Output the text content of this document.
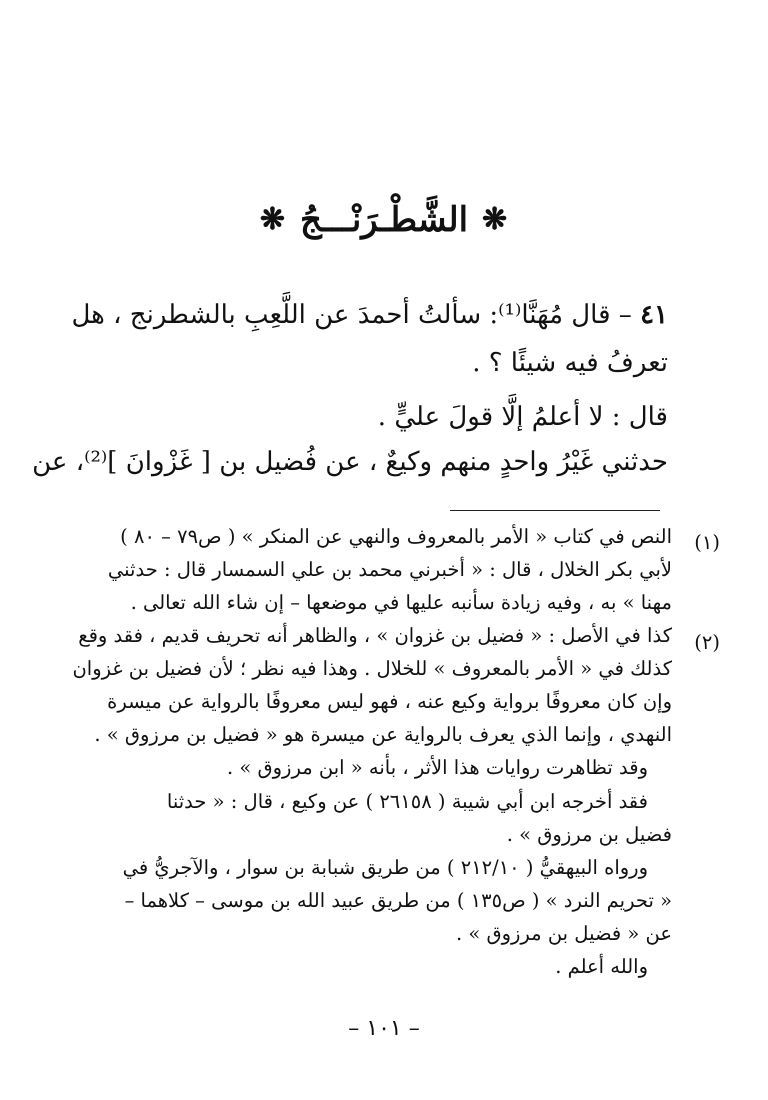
❋
الشَّطْـرَنْـــجُ
❋
٤١ – قال مُهَنَّا⁽¹⁾: سألتُ أحمدَ عن اللَّعِبِ بالشطرنج ، هل
تعرفُ فيه شيئًا ؟ .
قال : لا أعلمُ إلَّا قولَ عليٍّ .
حدثني غَيْرُ واحدٍ منهم وكيعٌ ، عن فُضيل بن [ غَزْوانَ ]⁽²⁾، عن
(١)
النص في كتاب « الأمر بالمعروف والنهي عن المنكر » ( ص٧٩ – ٨٠ )
لأبي بكر الخلال ، قال : « أخبرني محمد بن علي السمسار قال : حدثني
مهنا » به ، وفيه زيادة سأنبه عليها في موضعها – إن شاء الله تعالى .
(٢)
كذا في الأصل : « فضيل بن غزوان » ، والظاهر أنه تحريف قديم ، فقد وقع
كذلك في « الأمر بالمعروف » للخلال . وهذا فيه نظر ؛ لأن فضيل بن غزوان
وإن كان معروفًا برواية وكيع عنه ، فهو ليس معروفًا بالرواية عن ميسرة
النهدي ، وإنما الذي يعرف بالرواية عن ميسرة هو « فضيل بن مرزوق » .
وقد تظاهرت روايات هذا الأثر ، بأنه « ابن مرزوق » .
فقد أخرجه ابن أبي شيبة ( ٢٦١٥٨ ) عن وكيع ، قال : « حدثنا
فضيل بن مرزوق » .
ورواه البيهقيُّ ( ٢١٢/١٠ ) من طريق شبابة بن سوار ، والآجريُّ في
« تحريم النرد » ( ص١٣٥ ) من طريق عبيد الله بن موسى – كلاهما –
عن « فضيل بن مرزوق » .
والله أعلم .
– ١٠١ –
